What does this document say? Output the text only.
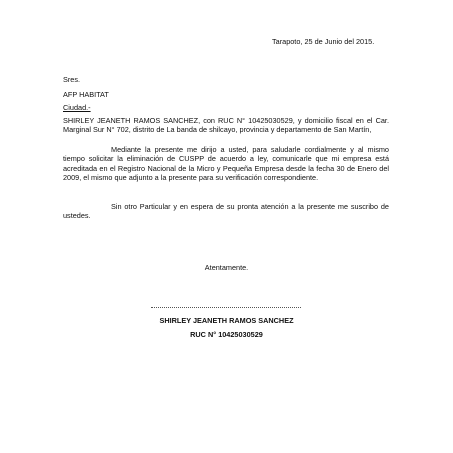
Tarapoto, 25 de Junio del 2015.
Sres.
AFP HABITAT
Ciudad.-
SHIRLEY JEANETH RAMOS SANCHEZ, con RUC N° 10425030529, y domicilio fiscal en el Car. Marginal Sur N° 702, distrito de La banda de shilcayo, provincia y departamento de San Martín,
Mediante la presente me dirijo a usted, para saludarle cordialmente y al mismo tiempo solicitar la eliminación de CUSPP de acuerdo a ley, comunicarle que mi empresa está acreditada en el Registro Nacional de la Micro y Pequeña Empresa desde la fecha 30 de Enero del 2009, el mismo que adjunto a la presente para su verificación correspondiente.
Sin otro Particular y en espera de su pronta atención a la presente me suscribo de ustedes.
Atentamente.
SHIRLEY JEANETH RAMOS SANCHEZ
RUC N° 10425030529
